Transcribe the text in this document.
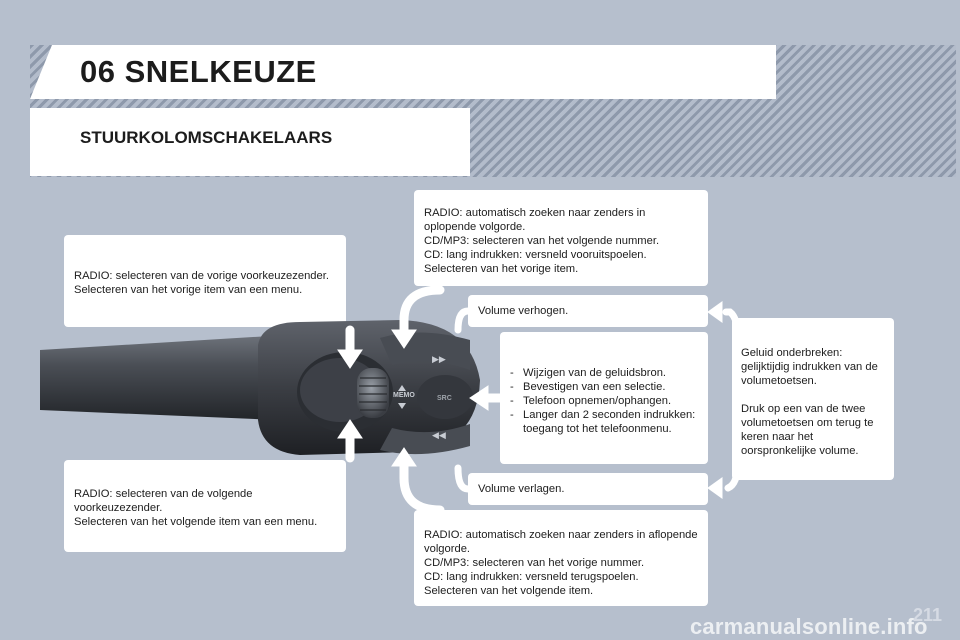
06 SNELKEUZE
STUURKOLOMSCHAKELAARS

RADIO: automatisch zoeken naar zenders in

oplopende volgorde.

CD/MP3: selecteren van het volgende nummer.

CD: lang indrukken: versneld vooruitspoelen.

Selecteren van het vorige item.

RADIO: selecteren van de vorige voorkeuzezender.

Selecteren van het vorige item van een menu.

Volume verhogen.

- Wijzigen van de geluidsbron.
- Bevestigen van een selectie.
- Telefoon opnemen/ophangen.
- Langer dan 2 seconden indrukken: toegang tot het telefoonmenu.

Geluid onderbreken: gelijktijdig indrukken van de volumetoetsen.

Druk op een van de twee volumetoetsen om terug te keren naar het oorspronkelijke volume.

Volume verlagen.

RADIO: selecteren van de volgende

voorkeuzezender.

Selecteren van het volgende item van een menu.

RADIO: automatisch zoeken naar zenders in aflopende

volgorde.

CD/MP3: selecteren van het vorige nummer.

CD: lang indrukken: versneld terugspoelen.

Selecteren van het volgende item.

MEMO
▶▶
SRC
◀◀
carmanualsonline.info
211
